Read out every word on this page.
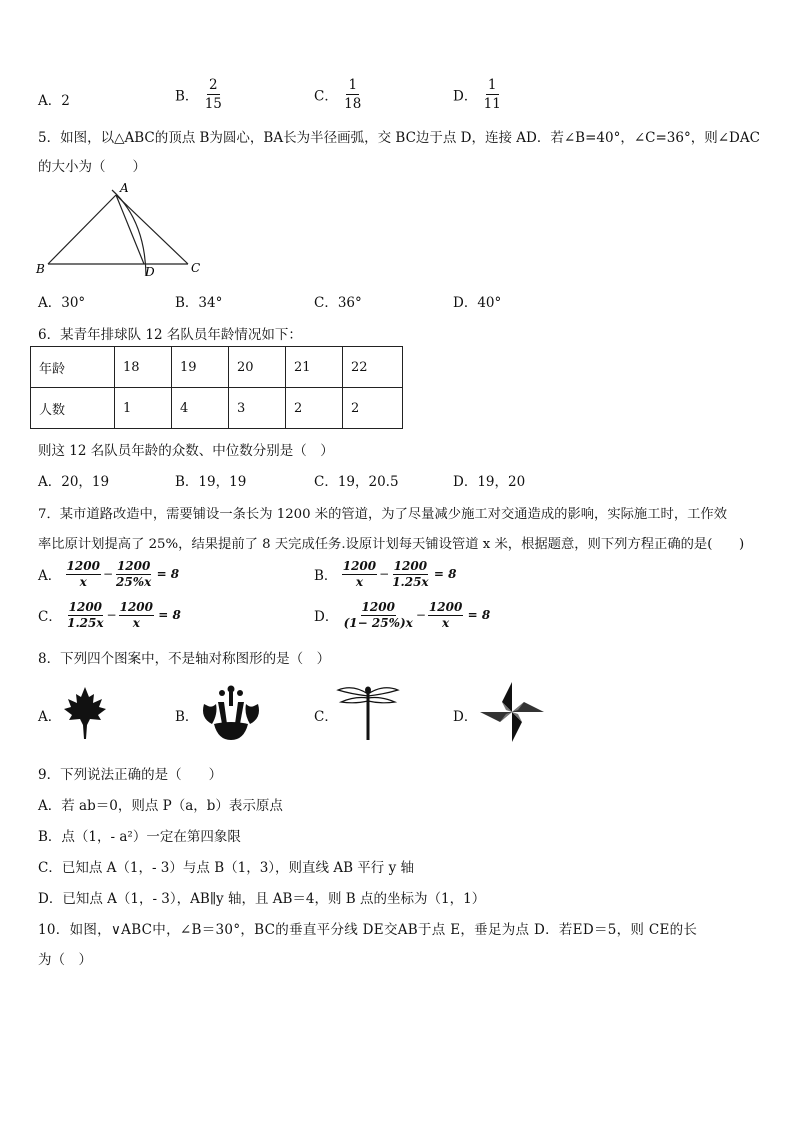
A．2	B． $\frac{2}{15}$	C． $\frac{1}{18}$	D． $\frac{1}{11}$
5．如图，以△ABC的顶点 B为圆心，BA长为半径画弧，交 BC边于点 D，连接 AD．若∠B=40°，∠C=36°，则∠DAC
的大小为（　　）
A
B	D	C
A．30°	B．34°	C．36°	D．40°
6．某青年排球队 12 名队员年龄情况如下：
年龄	18	19	20	21	22
人数	1	4	3	2	2
则这 12 名队员年龄的众数、中位数分别是（　）
A．20，19	B．19，19	C．19，20.5	D．19，20
7．某市道路改造中，需要铺设一条长为 1200 米的管道，为了尽量减少施工对交通造成的影响，实际施工时，工作效
率比原计划提高了 25%，结果提前了 8 天完成任务.设原计划每天铺设管道 x 米，根据题意，则下列方程正确的是(　　)
A． $\frac{1200}{x} - \frac{1200}{25\%x} = 8$	B． $\frac{1200}{x} - \frac{1200}{1.25x} = 8$
C． $\frac{1200}{1.25x} - \frac{1200}{x} = 8$	D． $\frac{1200}{(1- 25\%)x} - \frac{1200}{x} = 8$
8．下列四个图案中，不是轴对称图形的是（　）
A．	B．	C．	D．
9．下列说法正确的是（　　）
A．若 ab＝0，则点 P（a，b）表示原点
B．点（1，- a²）一定在第四象限
C．已知点 A（1，- 3）与点 B（1，3），则直线 AB 平行 y 轴
D．已知点 A（1，- 3），AB∥y 轴，且 AB＝4，则 B 点的坐标为（1，1）
10．如图，∨ABC中，∠B＝30°，BC的垂直平分线 DE交AB于点 E，垂足为点 D．若ED＝5，则 CE的长
为（　）
